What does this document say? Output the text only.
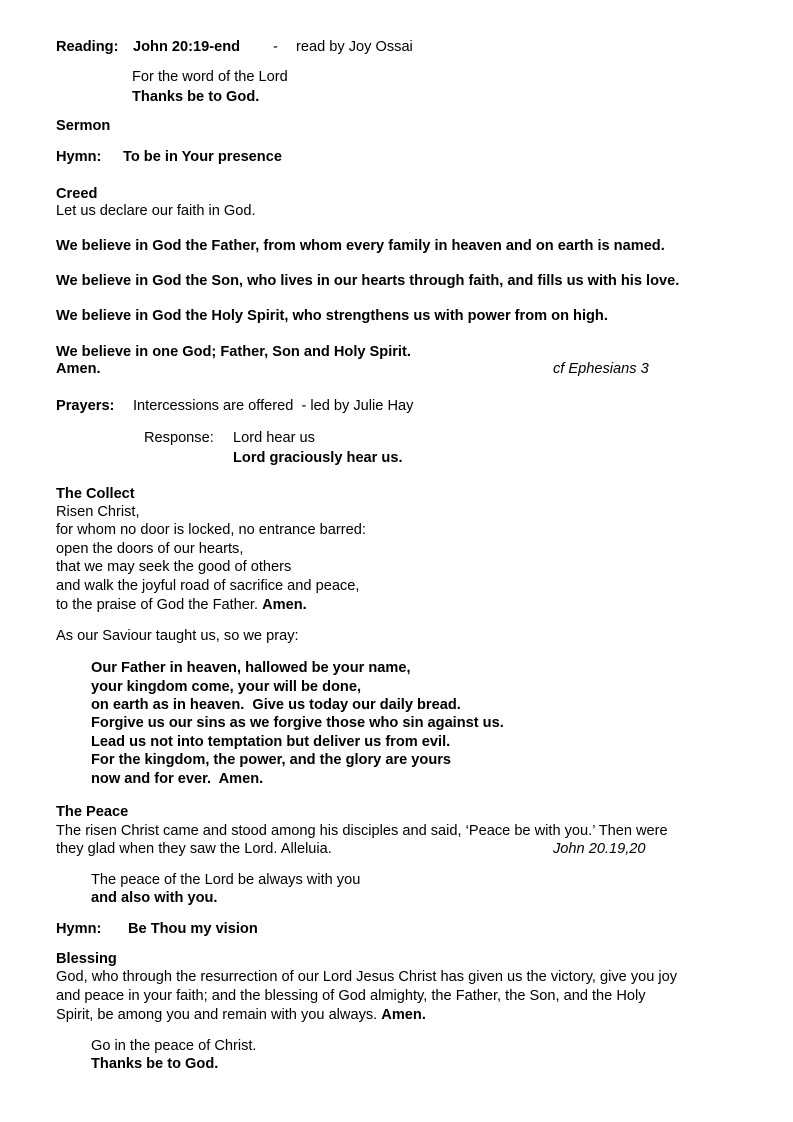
Reading: John 20:19-end - read by Joy Ossai
For the word of the Lord
Thanks be to God.
Sermon
Hymn: To be in Your presence
Creed
Let us declare our faith in God.
We believe in God the Father, from whom every family in heaven and on earth is named.
We believe in God the Son, who lives in our hearts through faith, and fills us with his love.
We believe in God the Holy Spirit, who strengthens us with power from on high.
We believe in one God; Father, Son and Holy Spirit.
Amen.	cf Ephesians 3
Prayers: Intercessions are offered  - led by Julie Hay
Response: Lord hear us
Lord graciously hear us.
The Collect
Risen Christ,
for whom no door is locked, no entrance barred:
open the doors of our hearts,
that we may seek the good of others
and walk the joyful road of sacrifice and peace,
to the praise of God the Father. Amen.
As our Saviour taught us, so we pray:
Our Father in heaven, hallowed be your name,
your kingdom come, your will be done,
on earth as in heaven.  Give us today our daily bread.
Forgive us our sins as we forgive those who sin against us.
Lead us not into temptation but deliver us from evil.
For the kingdom, the power, and the glory are yours
now and for ever.  Amen.
The Peace
The risen Christ came and stood among his disciples and said, ‘Peace be with you.’ Then were
they glad when they saw the Lord. Alleluia.	John 20.19,20
The peace of the Lord be always with you
and also with you.
Hymn: Be Thou my vision
Blessing
God, who through the resurrection of our Lord Jesus Christ has given us the victory, give you joy
and peace in your faith; and the blessing of God almighty, the Father, the Son, and the Holy
Spirit, be among you and remain with you always. Amen.
Go in the peace of Christ.
Thanks be to God.
